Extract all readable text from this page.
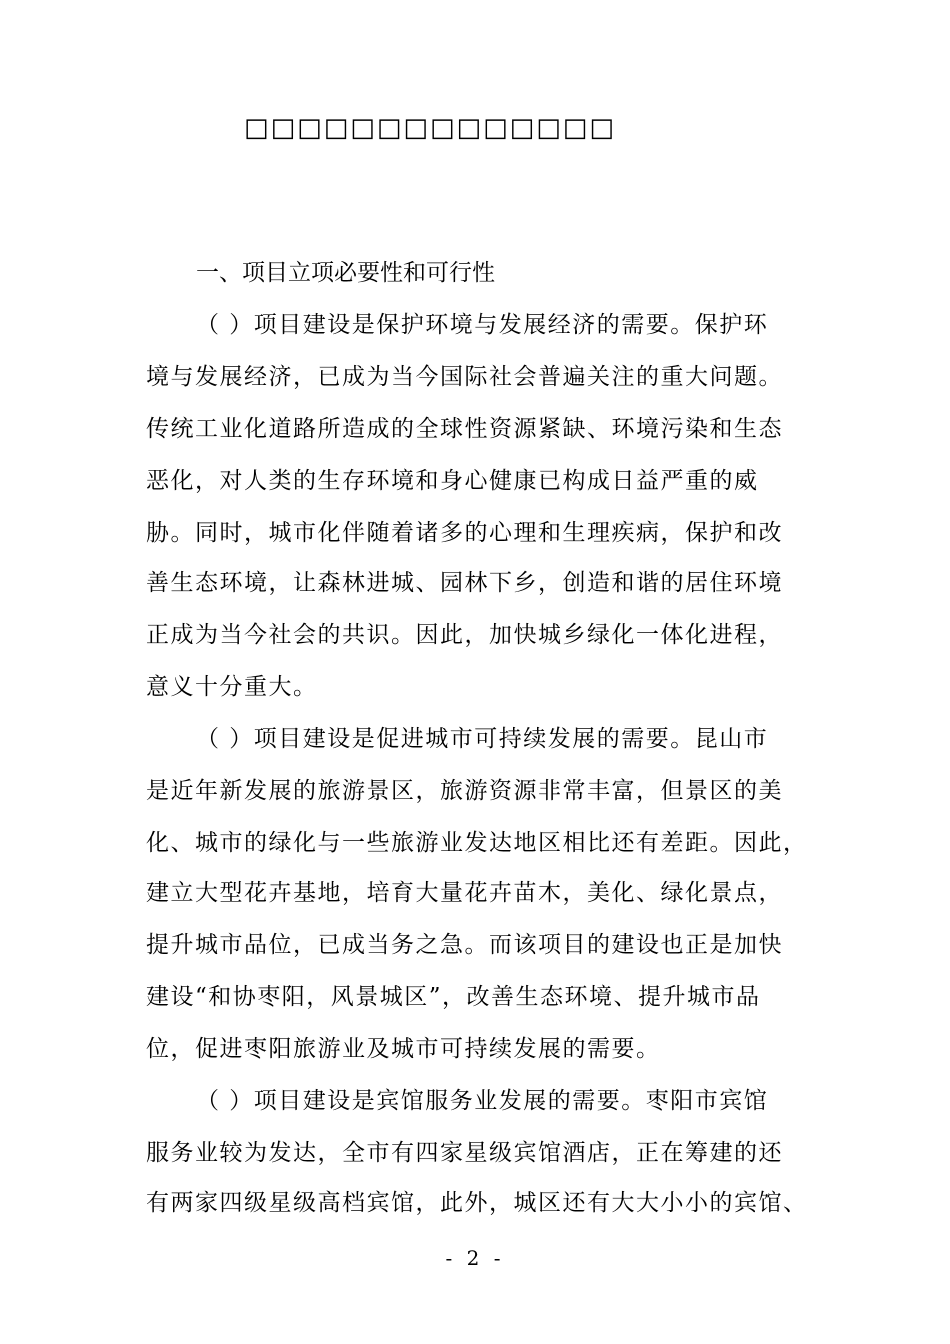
□□□□□□□□□□□□□□
一、项目立项必要性和可行性
（ ）项目建设是保护环境与发展经济的需要。保护环
境与发展经济，已成为当今国际社会普遍关注的重大问题。
传统工业化道路所造成的全球性资源紧缺、环境污染和生态
恶化，对人类的生存环境和身心健康已构成日益严重的威
胁。同时，城市化伴随着诸多的心理和生理疾病，保护和改
善生态环境，让森林进城、园林下乡，创造和谐的居住环境
正成为当今社会的共识。因此，加快城乡绿化一体化进程，
意义十分重大。
（ ）项目建设是促进城市可持续发展的需要。昆山市
是近年新发展的旅游景区，旅游资源非常丰富，但景区的美
化、城市的绿化与一些旅游业发达地区相比还有差距。因此，
建立大型花卉基地，培育大量花卉苗木，美化、绿化景点，
提升城市品位，已成当务之急。而该项目的建设也正是加快
建设“和协枣阳，风景城区”，改善生态环境、提升城市品
位，促进枣阳旅游业及城市可持续发展的需要。
（ ）项目建设是宾馆服务业发展的需要。枣阳市宾馆
服务业较为发达，全市有四家星级宾馆酒店，正在筹建的还
有两家四级星级高档宾馆，此外，城区还有大大小小的宾馆、
- 2 -
